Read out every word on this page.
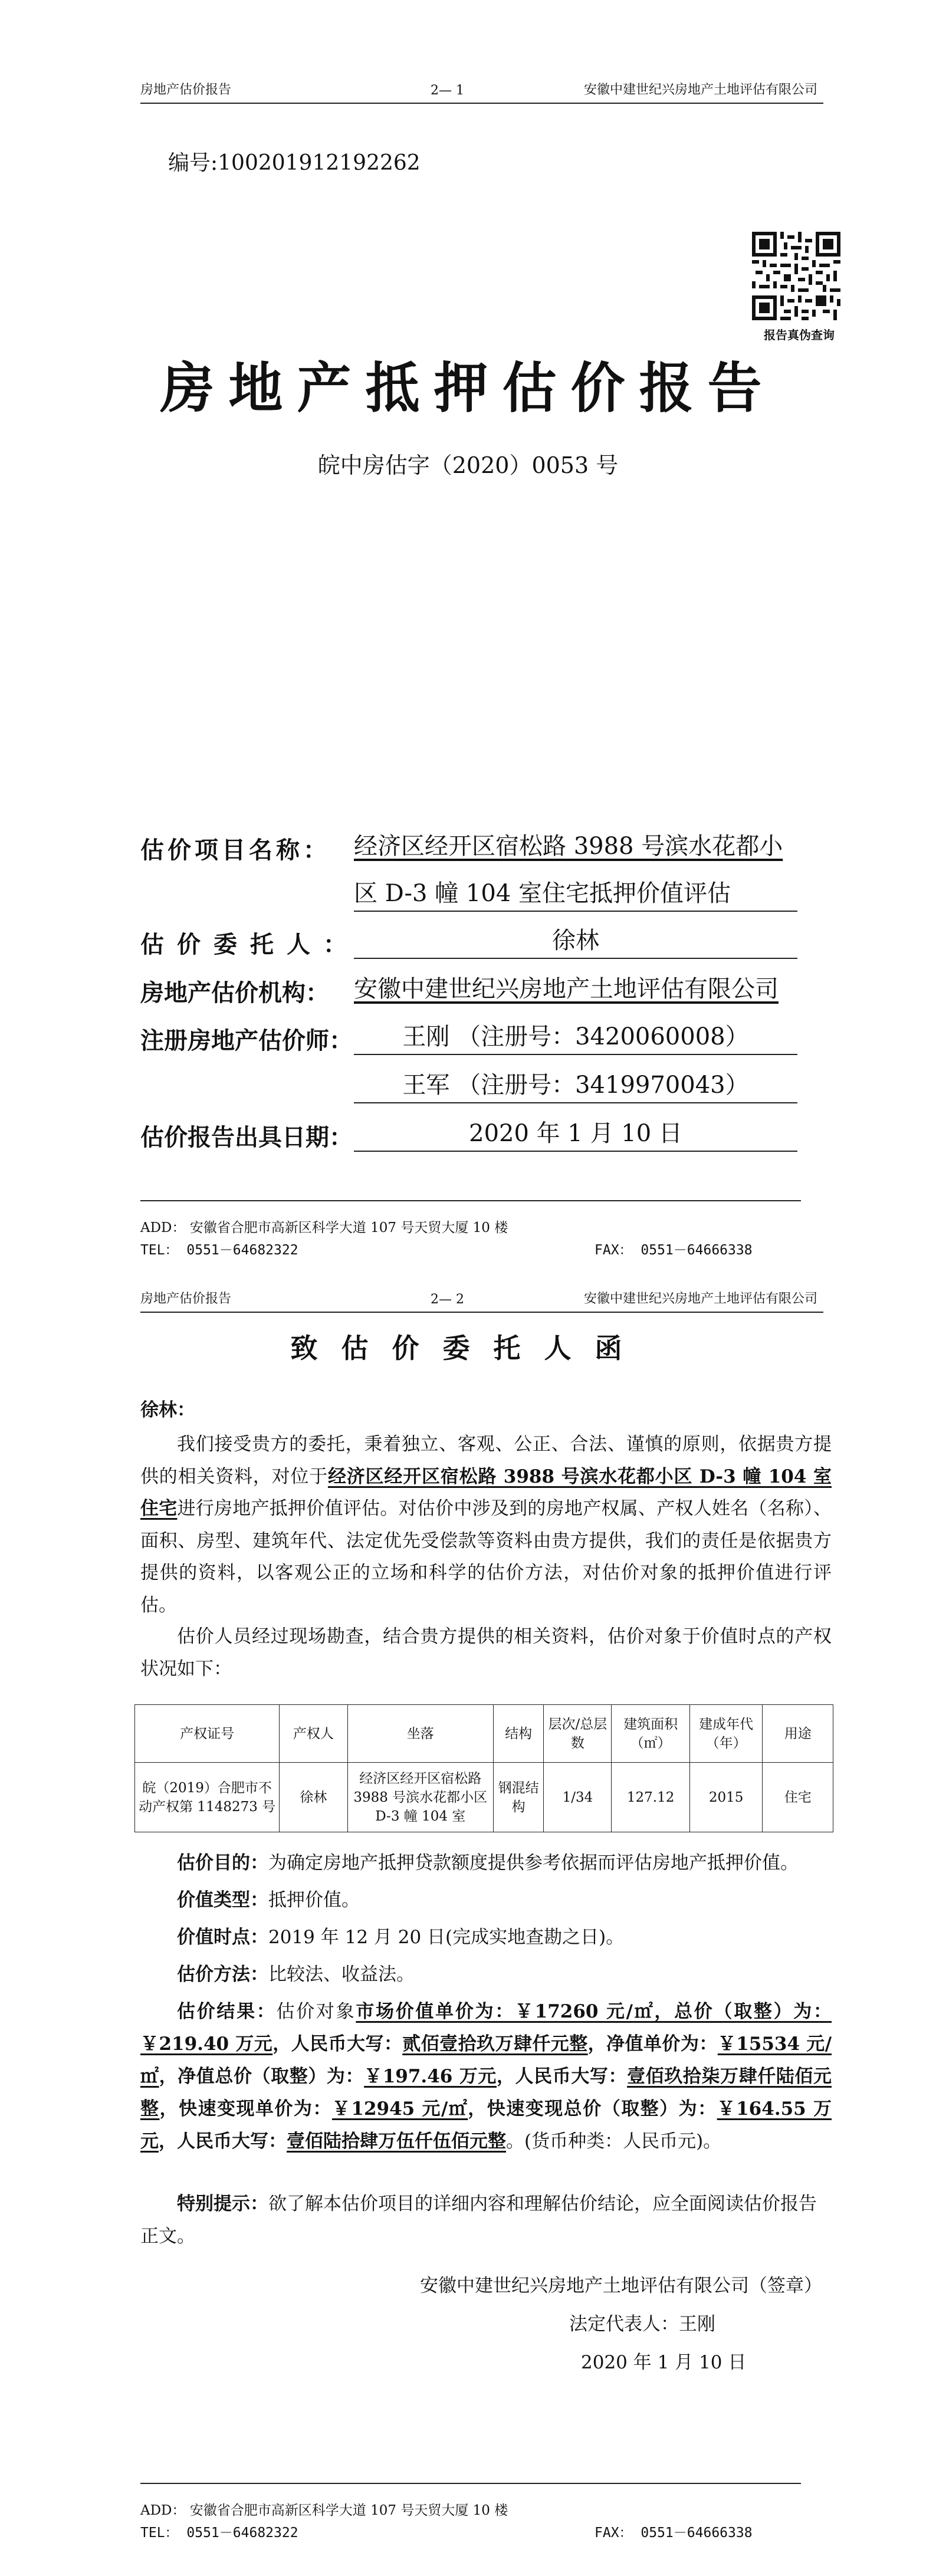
房地产估价报告	2— 1	安徽中建世纪兴房地产土地评估有限公司
编号:100201912192262
报告真伪查询
房地产抵押估价报告
皖中房估字（2020）0053 号
估价项目名称： 经济区经开区宿松路 3988 号滨水花都小
区 D-3 幢 104 室住宅抵押价值评估
估价委托人：	徐林
房地产估价机构： 安徽中建世纪兴房地产土地评估有限公司
注册房地产估价师：	王刚 （注册号：3420060008）
王军 （注册号：3419970043）
估价报告出具日期：	2020 年 1 月 10 日
ADD： 安徽省合肥市高新区科学大道 107 号天贸大厦 10 楼
TEL： 0551－64682322	FAX： 0551－64666338
房地产估价报告	2— 2	安徽中建世纪兴房地产土地评估有限公司
致估价委托人函
徐林：
我们接受贵方的委托，秉着独立、客观、公正、合法、谨慎的原则，依据贵方提供的相关资料，对位于经济区经开区宿松路 3988 号滨水花都小区 D-3 幢 104 室住宅进行房地产抵押价值评估。对估价中涉及到的房地产权属、产权人姓名（名称）、面积、房型、建筑年代、法定优先受偿款等资料由贵方提供，我们的责任是依据贵方提供的资料，以客观公正的立场和科学的估价方法，对估价对象的抵押价值进行评估。
估价人员经过现场勘查，结合贵方提供的相关资料，估价对象于价值时点的产权状况如下：
产权证号	产权人	坐落	结构	层次/总层数	建筑面积（㎡）	建成年代（年）	用途
皖（2019）合肥市不动产权第 1148273 号	徐林	经济区经开区宿松路 3988 号滨水花都小区 D-3 幢 104 室	钢混结构	1/34	127.12	2015	住宅
估价目的：为确定房地产抵押贷款额度提供参考依据而评估房地产抵押价值。
价值类型：抵押价值。
价值时点：2019 年 12 月 20 日(完成实地查勘之日)。
估价方法：比较法、收益法。
估价结果：估价对象市场价值单价为：￥17260 元/㎡，总价（取整）为：￥219.40 万元，人民币大写：贰佰壹拾玖万肆仟元整，净值单价为：￥15534 元/㎡，净值总价（取整）为：￥197.46 万元，人民币大写：壹佰玖拾柒万肆仟陆佰元整，快速变现单价为：￥12945 元/㎡，快速变现总价（取整）为：￥164.55 万元，人民币大写：壹佰陆拾肆万伍仟伍佰元整。(货币种类：人民币元)。
特别提示：欲了解本估价项目的详细内容和理解估价结论，应全面阅读估价报告正文。
安徽中建世纪兴房地产土地评估有限公司（签章）
法定代表人：王刚
2020 年 1 月 10 日
ADD： 安徽省合肥市高新区科学大道 107 号天贸大厦 10 楼
TEL： 0551－64682322	FAX： 0551－64666338
